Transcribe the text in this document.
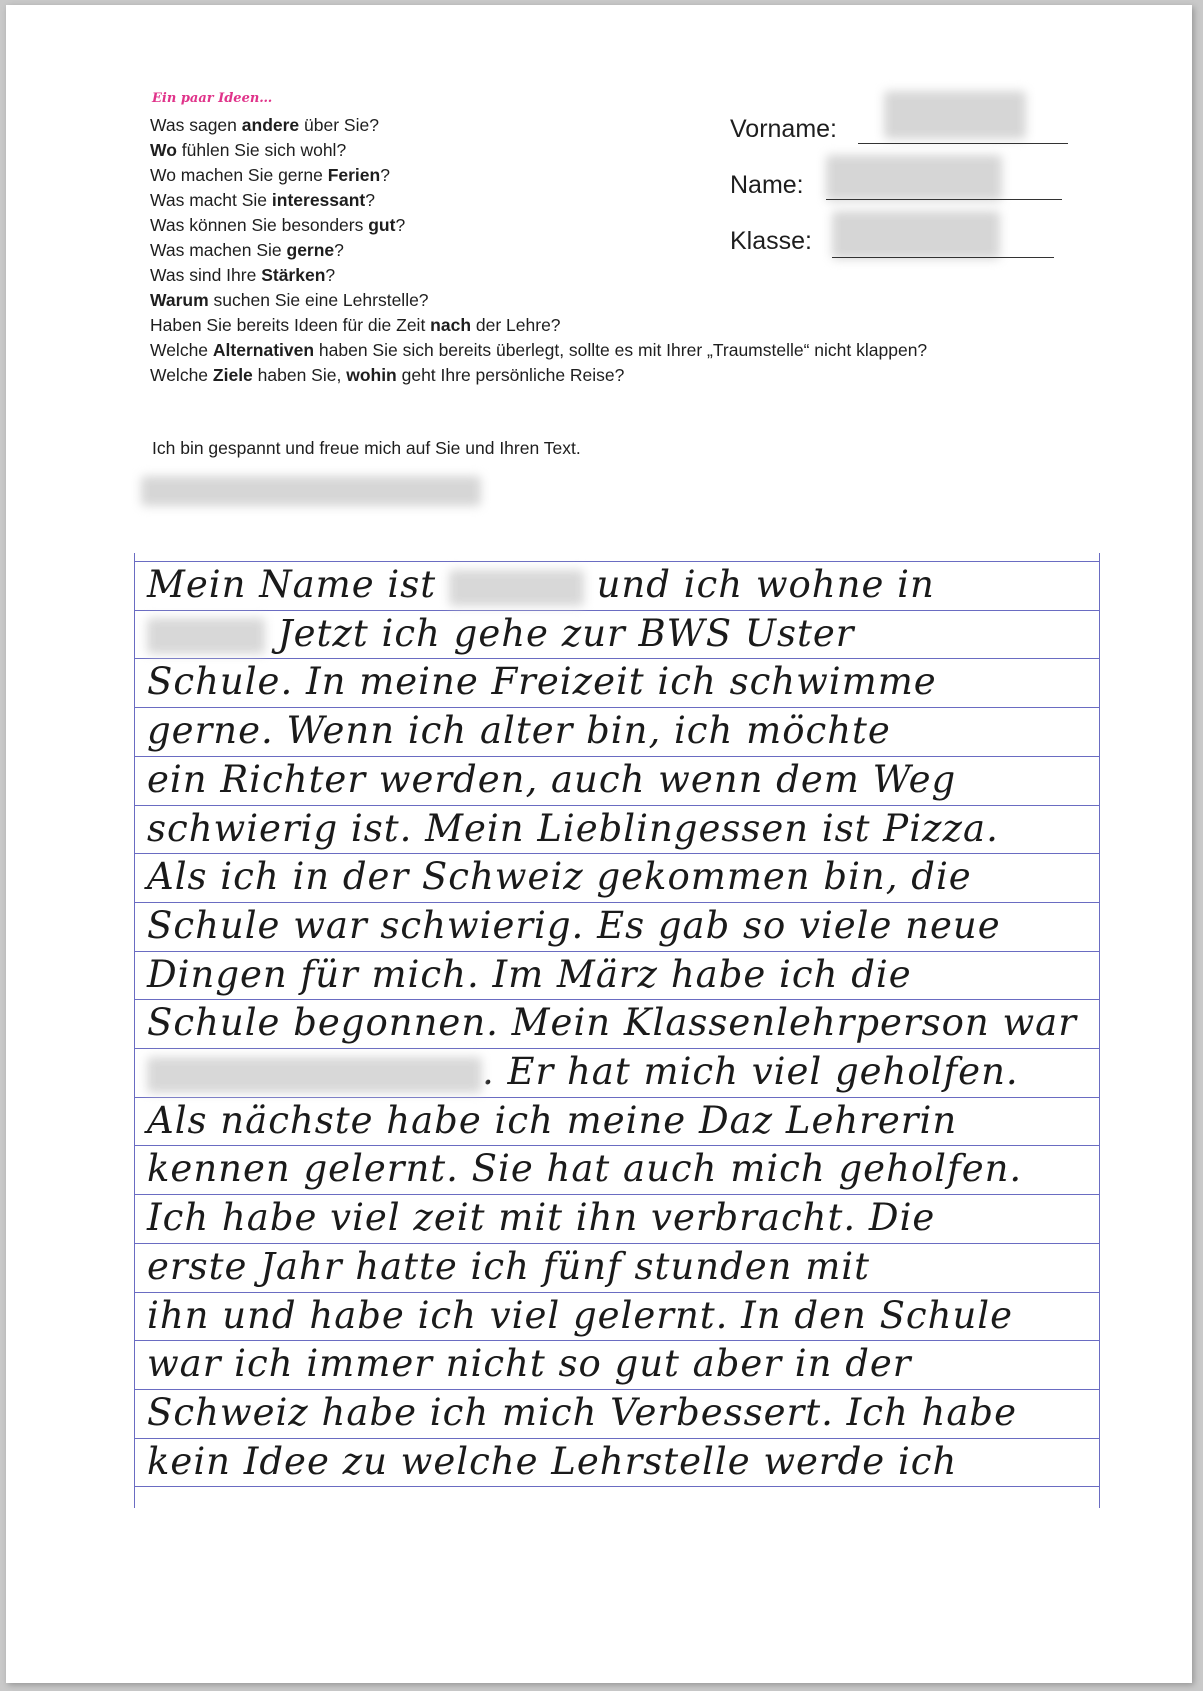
Ein paar Ideen…
Was sagen andere über Sie?
Wo fühlen Sie sich wohl?
Wo machen Sie gerne Ferien?
Was macht Sie interessant?
Was können Sie besonders gut?
Was machen Sie gerne?
Was sind Ihre Stärken?
Warum suchen Sie eine Lehrstelle?
Haben Sie bereits Ideen für die Zeit nach der Lehre?
Welche Alternativen haben Sie sich bereits überlegt, sollte es mit Ihrer „Traumstelle“ nicht klappen?
Welche Ziele haben Sie, wohin geht Ihre persönliche Reise?
Vorname:
Name:
Klasse:
Ich bin gespannt und freue mich auf Sie und Ihren Text.
Mein Name ist	und ich wohne in
Jetzt ich gehe zur BWS Uster
Schule. In meine Freizeit ich schwimme
gerne. Wenn ich alter bin, ich möchte
ein Richter werden, auch wenn dem Weg
schwierig ist. Mein Lieblingessen ist Pizza.
Als ich in der Schweiz gekommen bin, die
Schule war schwierig. Es gab so viele neue
Dingen für mich. Im März habe ich die
Schule begonnen. Mein Klassenlehrperson war
. Er hat mich viel geholfen.
Als nächste habe ich meine Daz Lehrerin
kennen gelernt. Sie hat auch mich geholfen.
Ich habe viel zeit mit ihn verbracht. Die
erste Jahr hatte ich fünf stunden mit
ihn und habe ich viel gelernt. In den Schule
war ich immer nicht so gut aber in der
Schweiz habe ich mich Verbessert. Ich habe
kein Idee zu welche Lehrstelle werde ich
